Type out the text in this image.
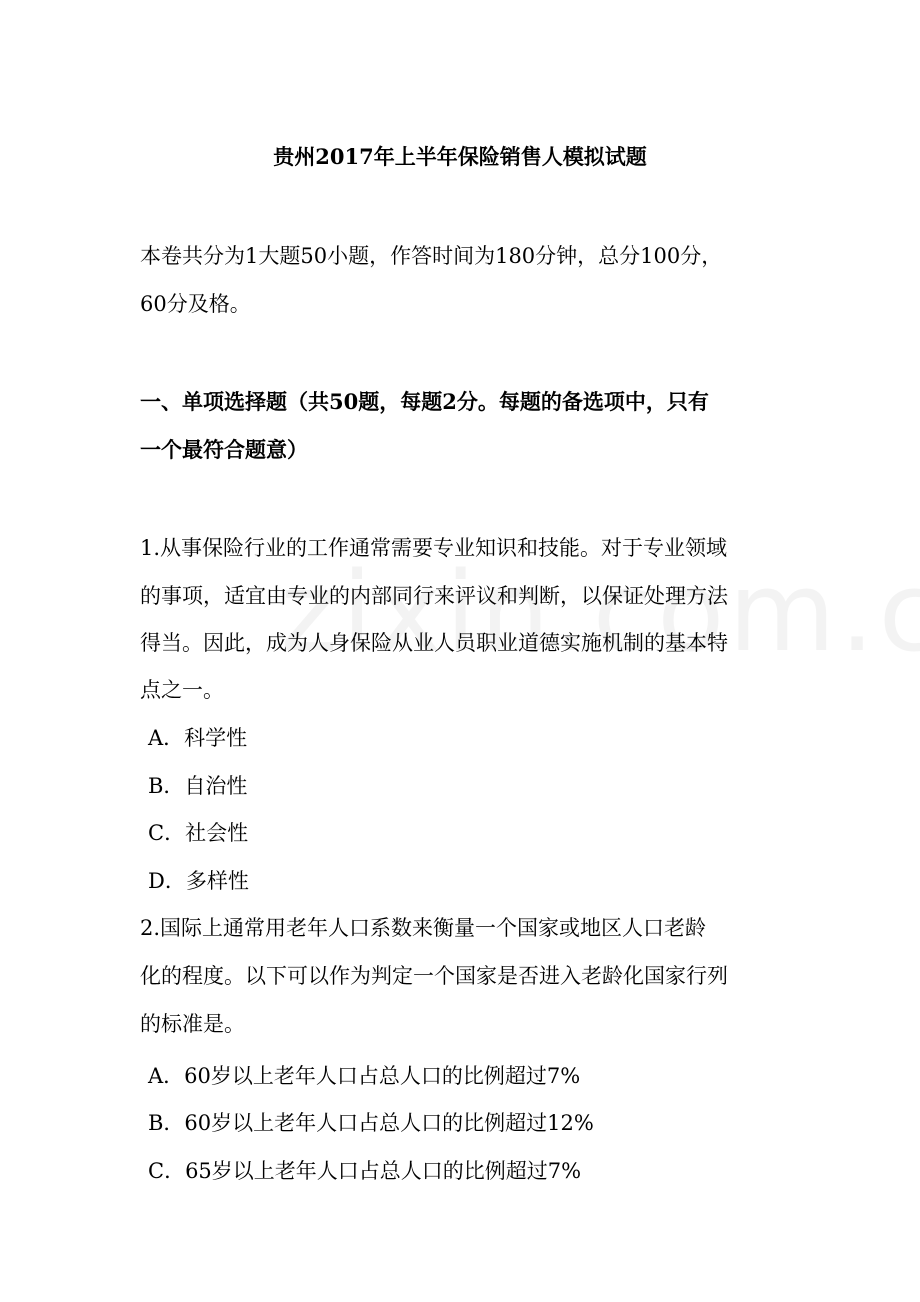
贵州2017年上半年保险销售人模拟试题
本卷共分为1大题50小题，作答时间为180分钟，总分100分，
60分及格。
一、单项选择题（共50题，每题2分。每题的备选项中，只有
一个最符合题意）
1.从事保险行业的工作通常需要专业知识和技能。对于专业领域
的事项，适宜由专业的内部同行来评议和判断，以保证处理方法
得当。因此，成为人身保险从业人员职业道德实施机制的基本特
点之一。
A．科学性
B．自治性
C．社会性
D．多样性
2.国际上通常用老年人口系数来衡量一个国家或地区人口老龄
化的程度。以下可以作为判定一个国家是否进入老龄化国家行列
的标准是。
A．60岁以上老年人口占总人口的比例超过7%
B．60岁以上老年人口占总人口的比例超过12%
C．65岁以上老年人口占总人口的比例超过7%
